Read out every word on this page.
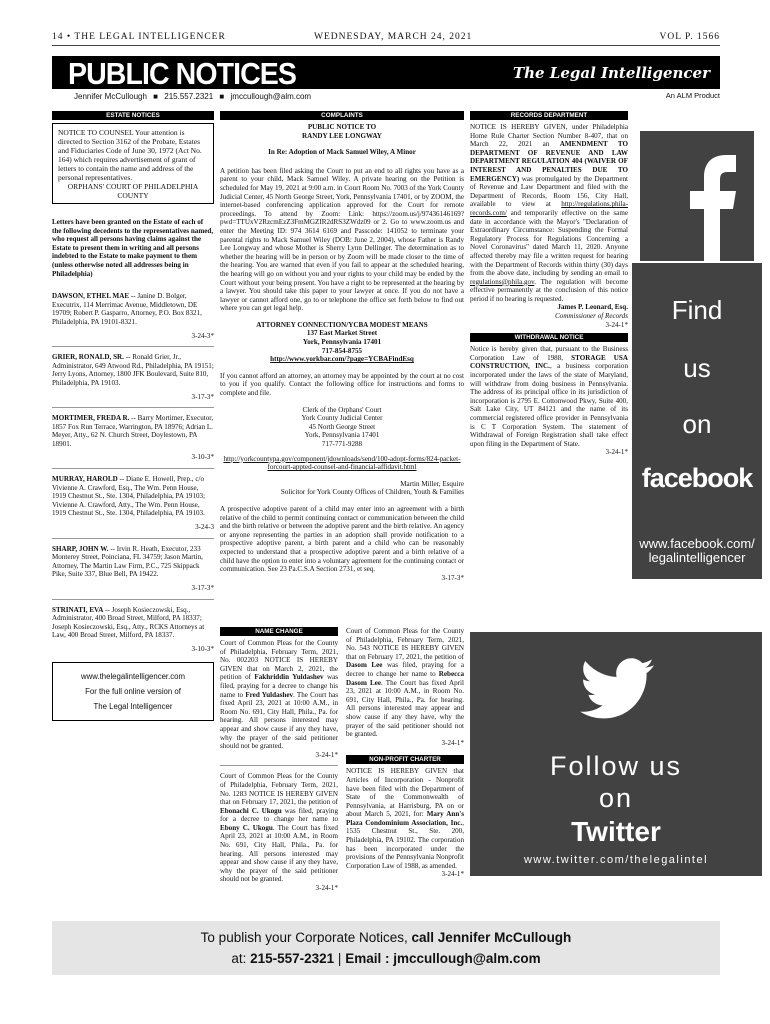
14 • THE LEGAL INTELLIGENCER	WEDNESDAY, MARCH 24, 2021	VOL P. 1566
PUBLIC NOTICES	The Legal Intelligencer
Jennifer McCullough ■ 215.557.2321 ■ jmccullough@alm.com	An ALM Product
ESTATE NOTICES
NOTICE TO COUNSEL Your attention is directed to Section 3162 of the Probate, Estates and Fiduciaries Code of June 30, 1972 (Act No. 164) which requires advertisement of grant of letters to contain the name and address of the personal representatives.
ORPHANS' COURT OF PHILADELPHIA COUNTY
Letters have been granted on the Estate of each of the following decedents to the representatives named, who request all persons having claims against the Estate to present them in writing and all persons indebted to the Estate to make payment to them (unless otherwise noted all addresses being in Philadelphia)
DAWSON, ETHEL MAE -- Janine D. Bolger, Executrix, 114 Merrimac Avenue, Middletown, DE 19709; Robert P. Gasparro, Attorney, P.O. Box 8321, Philadelphia, PA 19101-8321.
3-24-3*
GRIER, RONALD, SR. -- Ronald Grier, Jr., Administrator, 649 Atwood Rd., Philadelphia, PA 19151; Jerry Lyons, Attorney, 1800 JFK Boulevard, Suite 810, Philadelphia, PA 19103.
3-17-3*
MORTIMER, FREDA R. -- Barry Mortimer, Executor, 1857 Fox Run Terrace, Warrington, PA 18976; Adrian L. Meyer, Atty., 62 N. Church Street, Doylestown, PA 18901.
3-10-3*
MURRAY, HAROLD -- Diane E. Howell, Prep., c/o Vivienne A. Crawford, Esq., The Wm. Penn House, 1919 Chestnut St., Ste. 1304, Philadelphia, PA 19103; Vivienne A. Crawford, Atty., The Wm. Penn House, 1919 Chestnut St., Ste. 1304, Philadelphia, PA 19103.
3-24-3
SHARP, JOHN W. -- Irvin R. Heath, Executor, 233 Monterey Street, Poinciana, FL 34759; Jason Martin, Attorney, The Martin Law Firm, P.C., 725 Skippack Pike, Suite 337, Blue Bell, PA 19422.
3-17-3*
STRINATI, EVA -- Joseph Kosieczowski, Esq., Administrator, 400 Broad Street, Milford, PA 18337; Joseph Kosieczowski, Esq., Atty., RCKS Attorneys at Law, 400 Broad Street, Milford, PA 18337.
3-10-3*
www.thelegalintelligencer.com
For the full online version of
The Legal Intelligencer
COMPLAINTS
PUBLIC NOTICE TO
RANDY LEE LONGWAY
In Re: Adoption of Mack Samuel Wiley, A Minor
A petition has been filed asking the Court to put an end to all rights you have as a parent to your child, Mack Samuel Wiley. A private hearing on the Petition is scheduled for May 19, 2021 at 9:00 a.m. in Court Room No. 7003 of the York County Judicial Center, 45 North George Street, York, Pennsylvania 17401, or by ZOOM, the internet-based conferencing application approved for the Court for remote proceedings. To attend by Zoom: Link: https://zoom.us/j/97436146169?pwd=TTUxV2RzcmEzZ3FmMGZIR2dRS3ZWdz09 or 2. Go to www.zoom.us and enter the Meeting ID: 974 3614 6169 and Passcode: 141052 to terminate your parental rights to Mack Samuel Wiley (DOB: June 2, 2004), whose Father is Randy Lee Longway and whose Mother is Sherry Lynn Dellinger. The determination as to whether the hearing will be in person or by Zoom will be made closer to the time of the hearing. You are warned that even if you fail to appear at the scheduled hearing, the hearing will go on without you and your rights to your child may be ended by the Court without your being present. You have a right to be represented at the hearing by a lawyer. You should take this paper to your lawyer at once. If you do not have a lawyer or cannot afford one, go to or telephone the office set forth below to find out where you can get legal help.
ATTORNEY CONNECTION/YCBA MODEST MEANS
137 East Market Street
York, Pennsylvania 17401
717-854-8755
http://www.yorkbar.com/?page=YCBAFindEsq
If you cannot afford an attorney, an attorney may be appointed by the court at no cost to you if you qualify. Contact the following office for instructions and forms to complete and file.
Clerk of the Orphans' Court
York County Judicial Center
45 North George Street
York, Pennsylvania 17401
717-771-9288
http://yorkcountypa.gov/component/jdownloads/send/100-adopt-forms/824-packet-forcourt-appted-counsel-and-financial-affidavit.html
Martin Miller, Esquire
Solicitor for York County Offices of Children, Youth & Families
A prospective adoptive parent of a child may enter into an agreement with a birth relative of the child to permit continuing contact or communication between the child and the birth relative or between the adoptive parent and the birth relative. An agency or anyone representing the parties in an adoption shall provide notification to a prospective adoptive parent, a birth parent and a child who can be reasonably expected to understand that a prospective adoptive parent and a birth relative of a child have the option to enter into a voluntary agreement for the continuing contact or communication. See 23 Pa.C.S.A Section 2731, et seq.
3-17-3*
NAME CHANGE
Court of Common Pleas for the County of Philadelphia, February Term, 2021, No. 002203 NOTICE IS HEREBY GIVEN that on March 2, 2021, the petition of Fakhriddin Yuldashev was filed, praying for a decree to change his name to Fred Yuldashev. The Court has fixed April 23, 2021 at 10:00 A.M., in Room No. 691, City Hall, Phila., Pa. for hearing. All persons interested may appear and show cause if any they have, why the prayer of the said petitioner should not be granted.
3-24-1*
Court of Common Pleas for the County of Philadelphia, February Term, 2021, No. 1283 NOTICE IS HEREBY GIVEN that on February 17, 2021, the petition of Ebonachi C. Ukogu was filed, praying for a decree to change her name to Ebony C. Ukogu. The Court has fixed April 23, 2021 at 10:00 A.M., in Room No. 691, City Hall, Phila., Pa. for hearing. All persons interested may appear and show cause if any they have, why the prayer of the said petitioner should not be granted.
3-24-1*
Court of Common Pleas for the County of Philadelphia, February Term, 2021, No. 543 NOTICE IS HEREBY GIVEN that on February 17, 2021, the petition of Dasom Lee was filed, praying for a decree to change her name to Rebecca Dasom Lee. The Court has fixed April 23, 2021 at 10:00 A.M., in Room No. 691, City Hall, Phila., Pa. for hearing. All persons interested may appear and show cause if any they have, why the prayer of the said petitioner should not be granted.
3-24-1*
NON-PROFIT CHARTER
NOTICE IS HEREBY GIVEN that Articles of Incorporation - Nonprofit have been filed with the Department of State of the Commonwealth of Pennsylvania, at Harrisburg, PA on or about March 5, 2021, for: Mary Ann's Plaza Condominium Association, Inc., 1535 Chestnut St., Ste. 200, Philadelphia, PA 19102. The corporation has been incorporated under the provisions of the Pennsylvania Nonprofit Corporation Law of 1988, as amended.
3-24-1*
RECORDS DEPARTMENT
NOTICE IS HEREBY GIVEN, under Philadelphia Home Rule Charter Section Number 8-407, that on March 22, 2021 an AMENDMENT TO DEPARTMENT OF REVENUE AND LAW DEPARTMENT REGULATION 404 (WAIVER OF INTEREST AND PENALTIES DUE TO EMERGENCY) was promulgated by the Department of Revenue and Law Department and filed with the Department of Records, Room 156, City Hall, available to view at http://regulations.phila-records.com/ and temporarily effective on the same date in accordance with the Mayor's "Declaration of Extraordinary Circumstance: Suspending the Formal Regulatory Process for Regulations Concerning a Novel Coronavirus" dated March 11, 2020. Anyone affected thereby may file a written request for hearing with the Department of Records within thirty (30) days from the above date, including by sending an email to regulations@phila.gov. The regulation will become effective permanently at the conclusion of this notice period if no hearing is requested.
James P. Leonard, Esq.
Commissioner of Records
3-24-1*
WITHDRAWAL NOTICE
Notice is hereby given that, pursuant to the Business Corporation Law of 1988, STORAGE USA CONSTRUCTION, INC., a business corporation incorporated under the laws of the state of Maryland, will withdraw from doing business in Pennsylvania. The address of its principal office in its jurisdiction of incorporation is 2795 E. Cottonwood Pkwy, Suite 400, Salt Lake City, UT 84121 and the name of its commercial registered office provider in Pennsylvania is C T Corporation System. The statement of Withdrawal of Foreign Registration shall take effect upon filing in the Department of State.
3-24-1*
Find
us
on
facebook
www.facebook.com/
legalintelligencer
Follow us
on
Twitter
www.twitter.com/thelegalintel
To publish your Corporate Notices, call Jennifer McCullough
at: 215-557-2321 | Email : jmccullough@alm.com
